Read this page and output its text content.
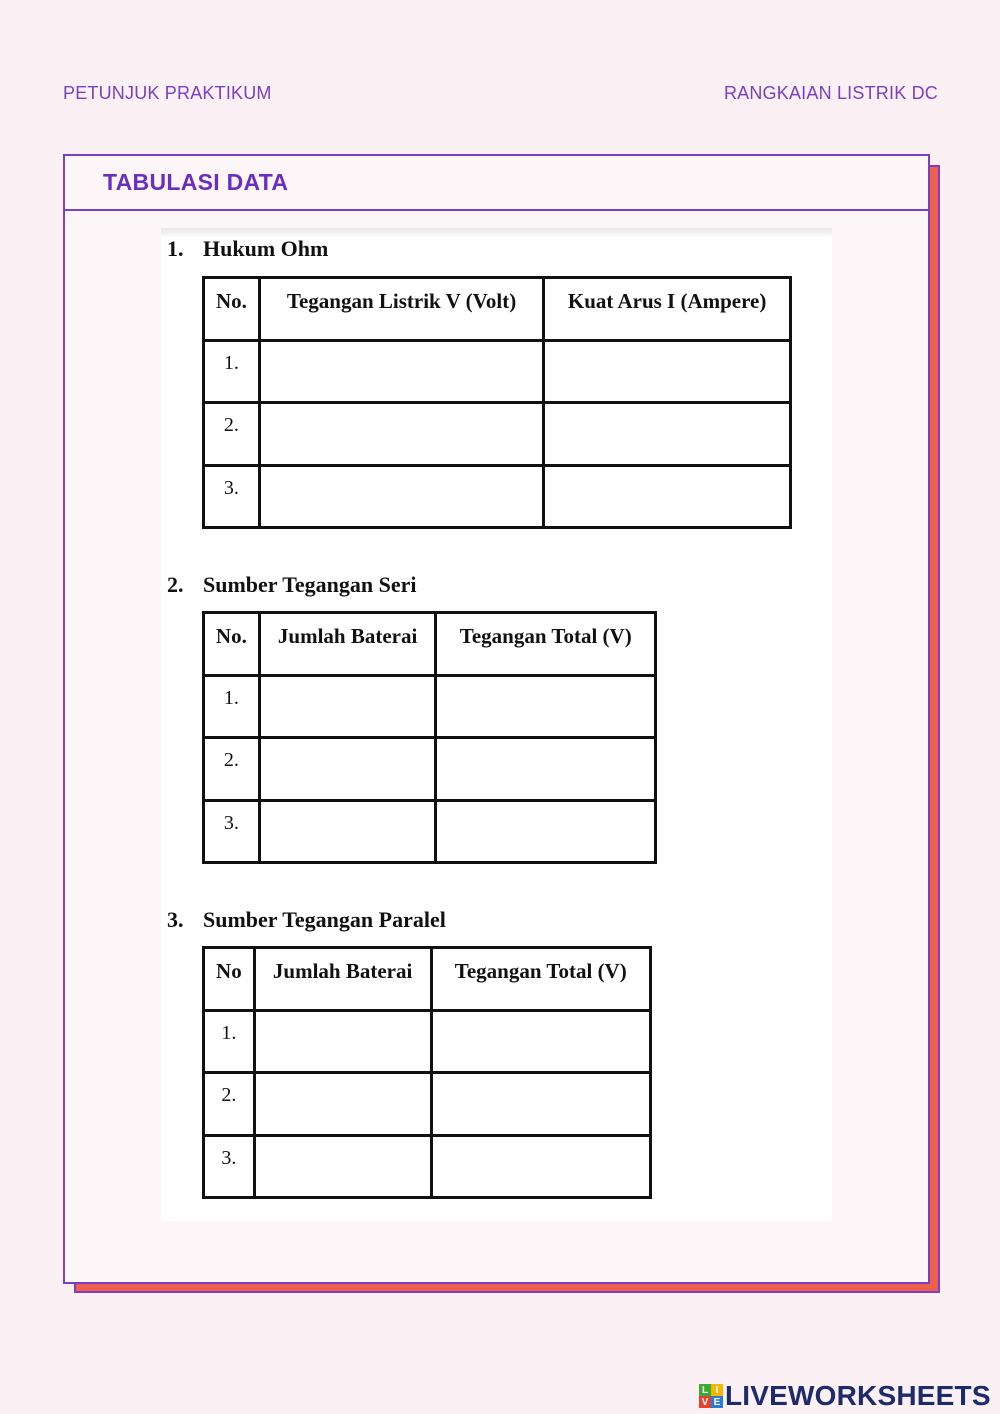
PETUNJUK PRAKTIKUM	RANGKAIAN LISTRIK DC
TABULASI DATA
1. Hukum Ohm
No.	Tegangan Listrik V (Volt)	Kuat Arus I (Ampere)
1.		
2.		
3.		
2. Sumber Tegangan Seri
No.	Jumlah Baterai	Tegangan Total (V)
1.		
2.		
3.		
3. Sumber Tegangan Paralel
No	Jumlah Baterai	Tegangan Total (V)
1.		
2.		
3.		
L I
V E LIVEWORKSHEETS
